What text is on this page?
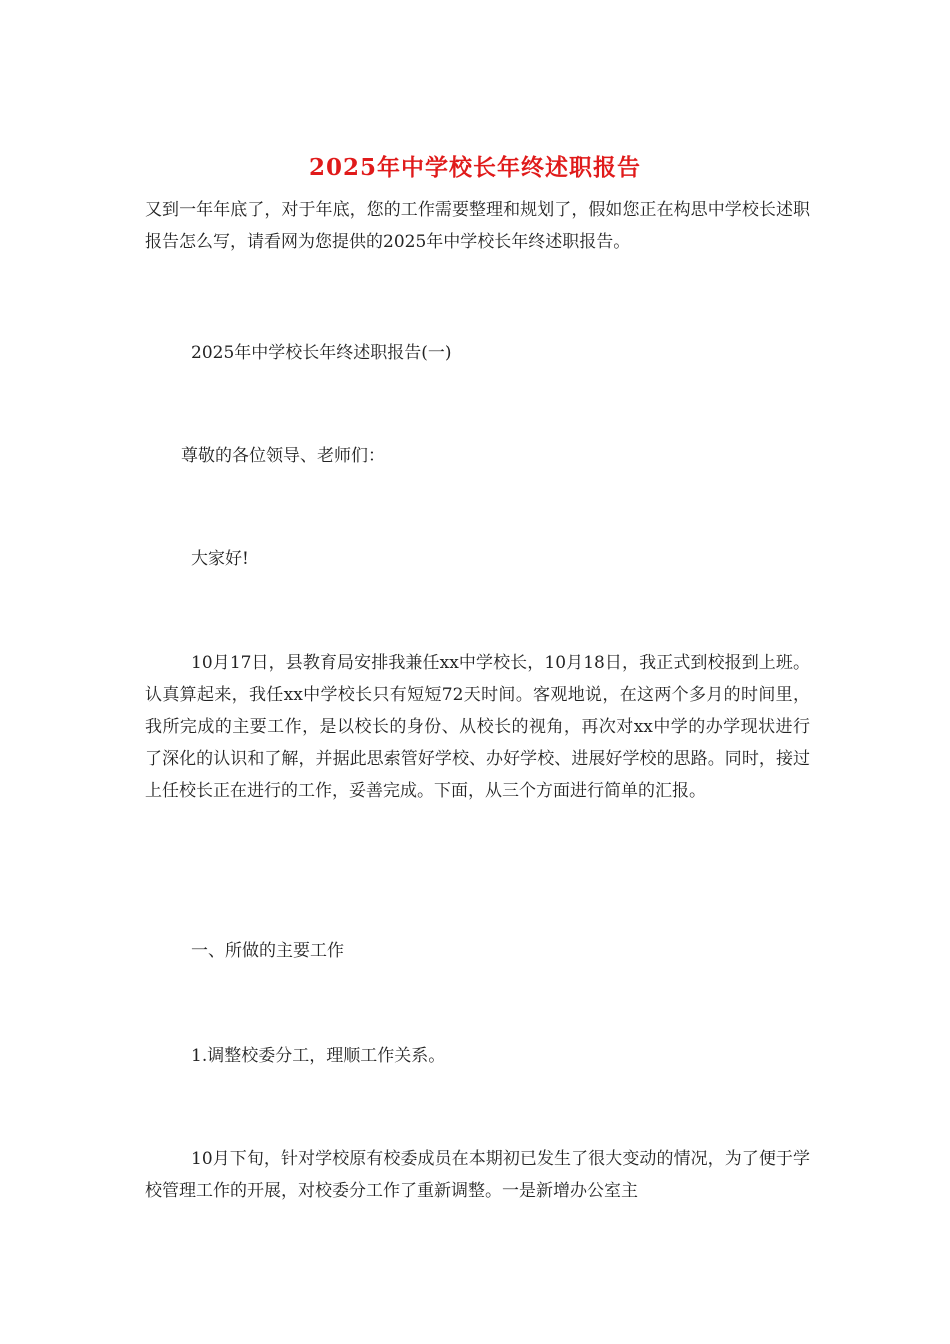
2025年中学校长年终述职报告

又到一年年底了，对于年底，您的工作需要整理和规划了，假如您正在构思中学校长述职报告怎么写，请看网为您提供的2025年中学校长年终述职报告。

2025年中学校长年终述职报告(一)

尊敬的各位领导、老师们：

大家好!

10月17日，县教育局安排我兼任xx中学校长，10月18日，我正式到校报到上班。认真算起来，我任xx中学校长只有短短72天时间。客观地说，在这两个多月的时间里，我所完成的主要工作，是以校长的身份、从校长的视角，再次对xx中学的办学现状进行了深化的认识和了解，并据此思索管好学校、办好学校、进展好学校的思路。同时，接过上任校长正在进行的工作，妥善完成。下面，从三个方面进行简单的汇报。

一、所做的主要工作

1.调整校委分工，理顺工作关系。

10月下旬，针对学校原有校委成员在本期初已发生了很大变动的情况，为了便于学校管理工作的开展，对校委分工作了重新调整。一是新增办公室主
